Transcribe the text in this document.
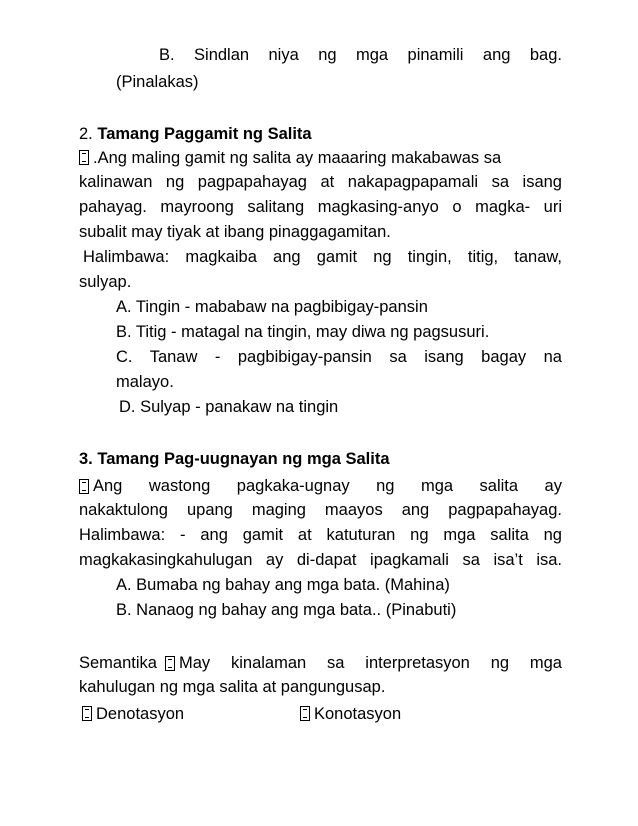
B. Sindlan niya ng mga pinamili ang bag.
(Pinalakas)
2. Tamang Paggamit ng Salita
.Ang maling gamit ng salita ay maaaring makabawas sa
kalinawan ng pagpapahayag at nakapagpapamali sa isang
pahayag. mayroong salitang magkasing-anyo o magka- uri
subalit may tiyak at ibang pinaggagamitan.
Halimbawa: magkaiba ang gamit ng tingin, titig, tanaw,
sulyap.
A. Tingin - mababaw na pagbibigay-pansin
B. Titig - matagal na tingin, may diwa ng pagsusuri.
C. Tanaw - pagbibigay-pansin sa isang bagay na
malayo.
D. Sulyap - panakaw na tingin
3. Tamang Pag-uugnayan ng mga Salita
Ang wastong pagkaka-ugnay ng mga salita ay
nakaktulong upang maging maayos ang pagpapahayag.
Halimbawa: - ang gamit at katuturan ng mga salita ng
magkakasingkahulugan ay di-dapat ipagkamali sa isa’t isa.
A. Bumaba ng bahay ang mga bata. (Mahina)
B. Nanaog ng bahay ang mga bata.. (Pinabuti)
Semantika May kinalaman sa interpretasyon ng mga
kahulugan ng mga salita at pangungusap.
Denotasyon	Konotasyon
